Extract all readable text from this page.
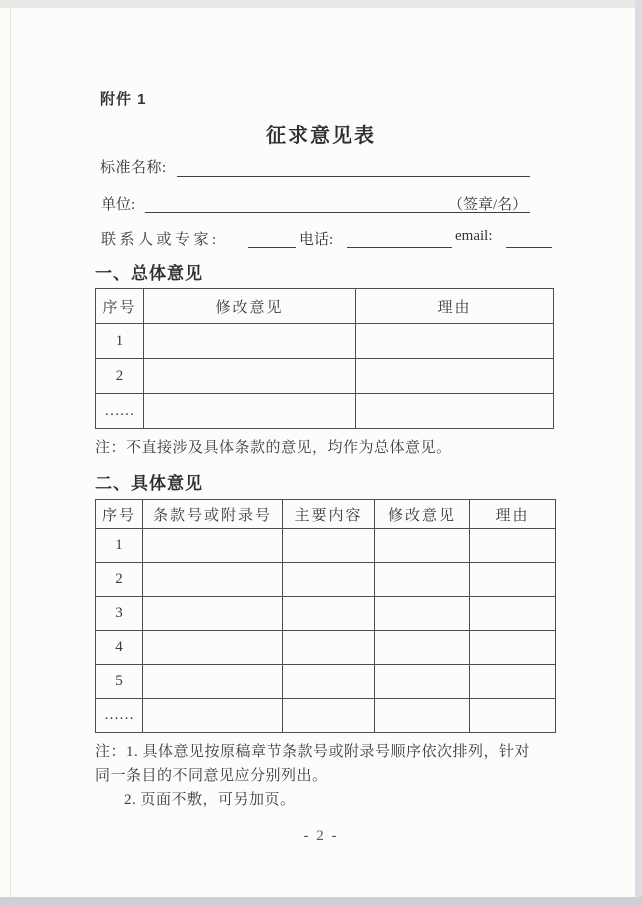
附件 1
征求意见表
标准名称:
单位:	（签章/名）
联系人或专家:	电话:	email:
一、总体意见
序号	修改意见	理由
1		
2		
……		
注：不直接涉及具体条款的意见，均作为总体意见。
二、具体意见
序号	条款号或附录号	主要内容	修改意见	理由
1				
2				
3				
4				
5				
……				
注：1. 具体意见按原稿章节条款号或附录号顺序依次排列，针对
同一条目的不同意见应分别列出。
2. 页面不敷，可另加页。
- 2 -
